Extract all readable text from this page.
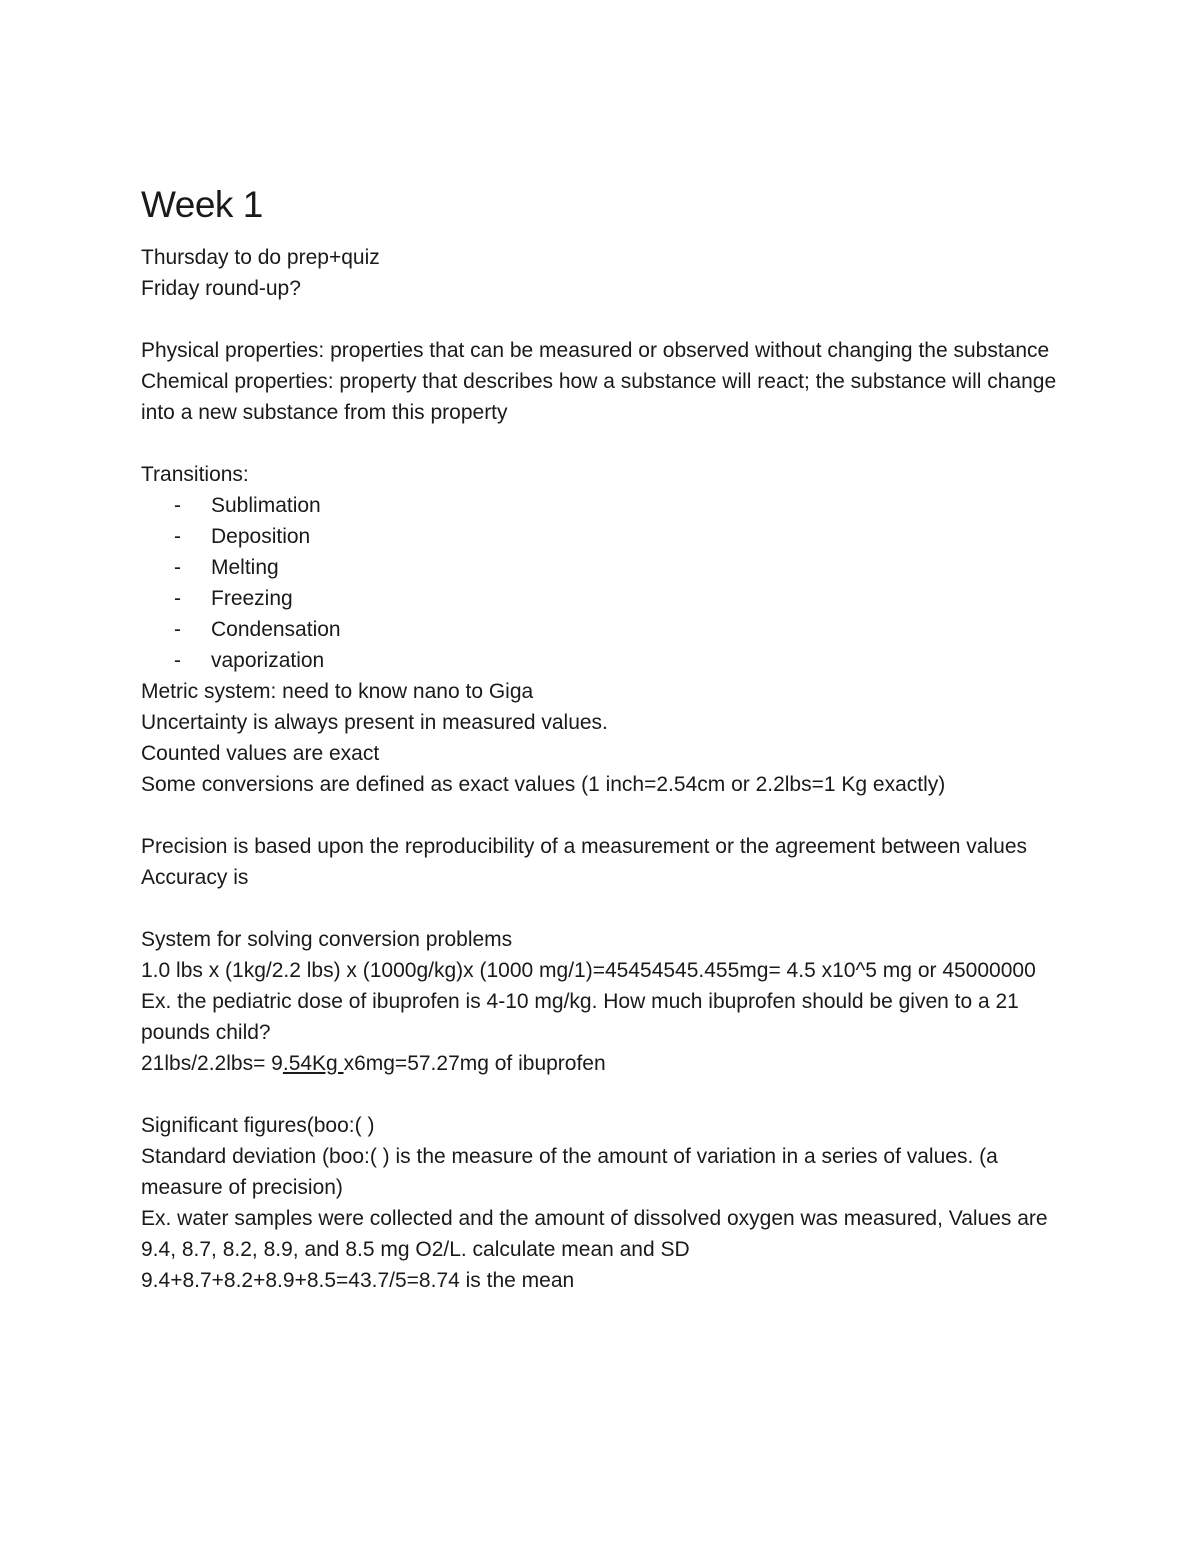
Week 1

Thursday to do prep+quiz

Friday round-up?

Physical properties: properties that can be measured or observed without changing the substance

Chemical properties: property that describes how a substance will react; the substance will change into a new substance from this property

Transitions:

- Sublimation
- Deposition
- Melting
- Freezing
- Condensation
- vaporization

Metric system: need to know nano to Giga

Uncertainty is always present in measured values.

Counted values are exact

Some conversions are defined as exact values (1 inch=2.54cm or 2.2lbs=1 Kg exactly)

Precision is based upon the reproducibility of a measurement or the agreement between values

Accuracy is

System for solving conversion problems

1.0 lbs x (1kg/2.2 lbs) x (1000g/kg)x (1000 mg/1)=45454545.455mg= 4.5 x10^5 mg or 45000000

Ex. the pediatric dose of ibuprofen is 4-10 mg/kg. How much ibuprofen should be given to a 21 pounds child?

21lbs/2.2lbs= 9.54Kg x6mg=57.27mg of ibuprofen

Significant figures(boo:( )

Standard deviation (boo:( ) is the measure of the amount of variation in a series of values. (a measure of precision)

Ex. water samples were collected and the amount of dissolved oxygen was measured, Values are 9.4, 8.7, 8.2, 8.9, and 8.5 mg O2/L. calculate mean and SD

9.4+8.7+8.2+8.9+8.5=43.7/5=8.74 is the mean
